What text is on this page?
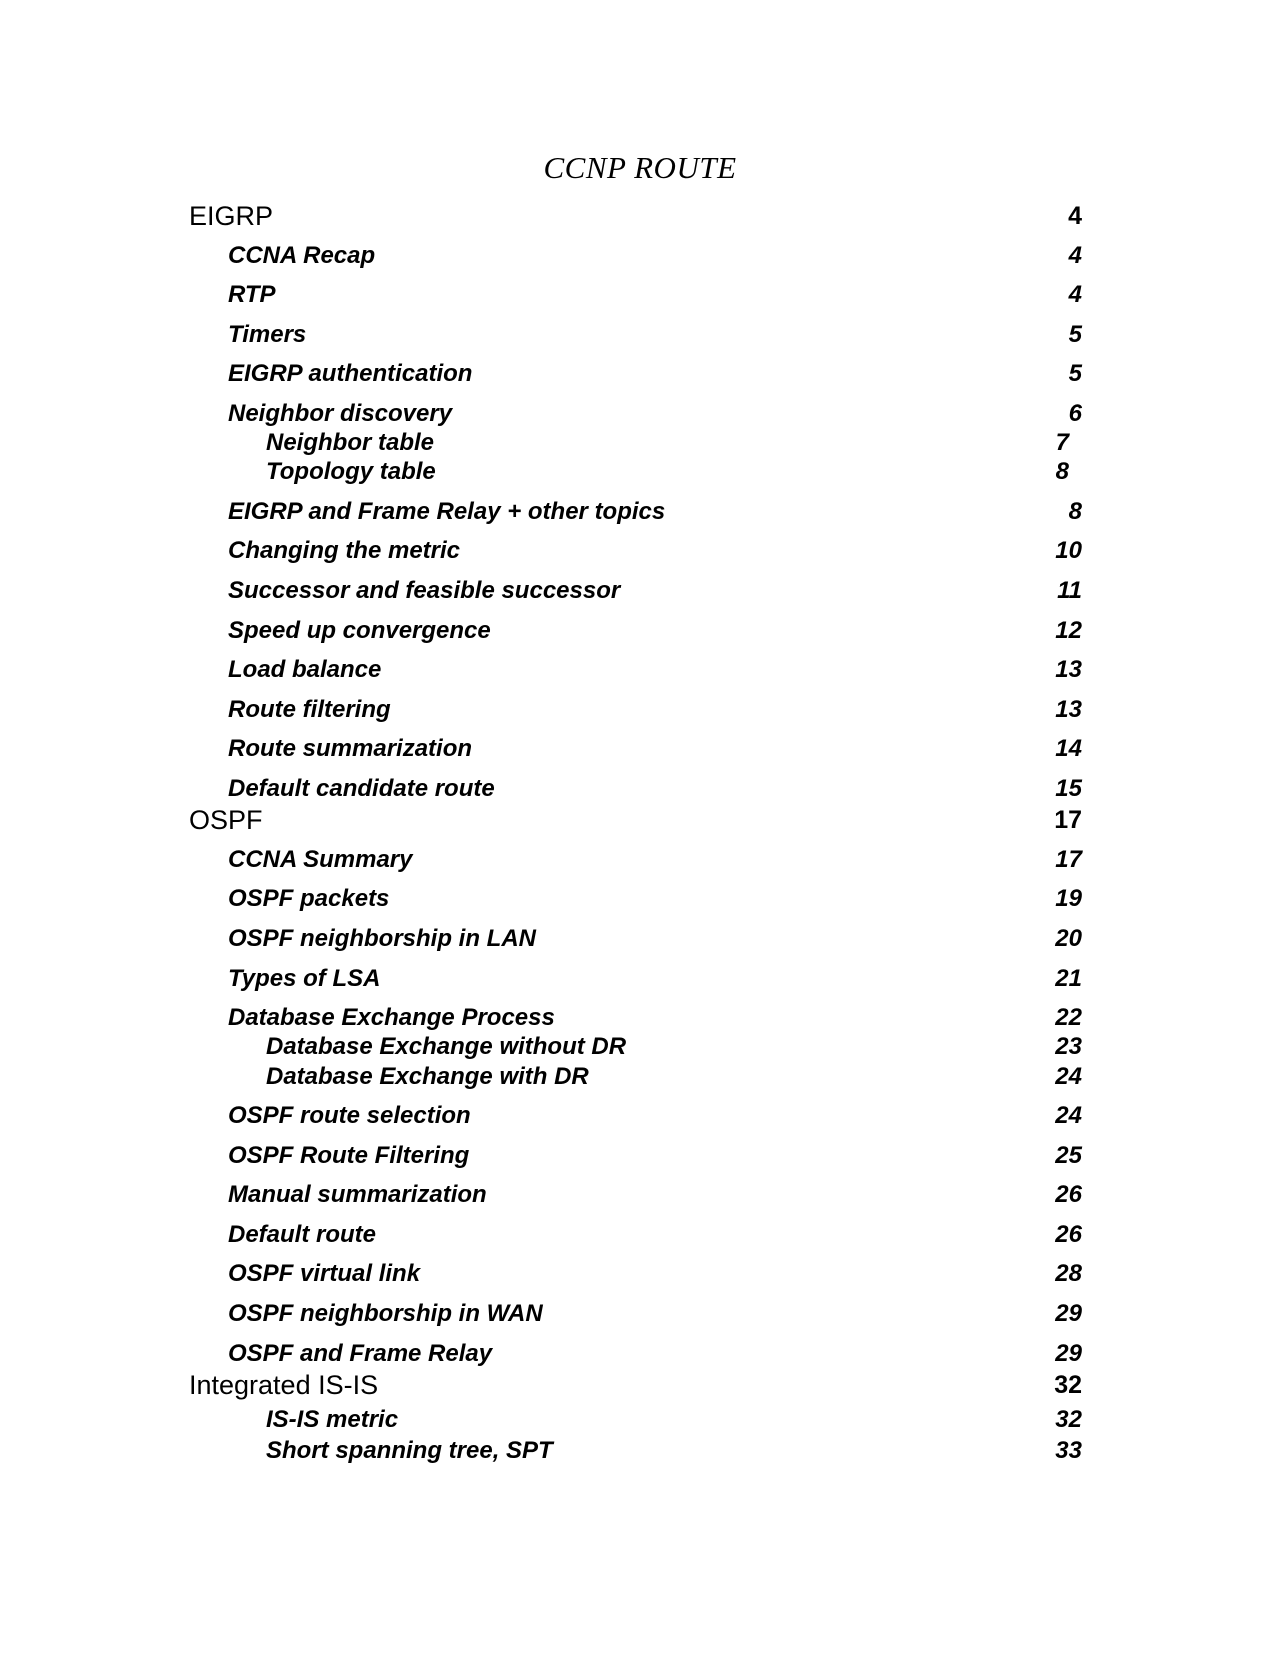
CCNP ROUTE
EIGRP	4
CCNA Recap	4
RTP	4
Timers	5
EIGRP authentication	5
Neighbor discovery	6
Neighbor table	7
Topology table	8
EIGRP and Frame Relay + other topics	8
Changing the metric	10
Successor and feasible successor	11
Speed up convergence	12
Load balance	13
Route filtering	13
Route summarization	14
Default candidate route	15
OSPF	17
CCNA Summary	17
OSPF packets	19
OSPF neighborship in LAN	20
Types of LSA	21
Database Exchange Process	22
Database Exchange without DR	23
Database Exchange with DR	24
OSPF route selection	24
OSPF Route Filtering	25
Manual summarization	26
Default route	26
OSPF virtual link	28
OSPF neighborship in WAN	29
OSPF and Frame Relay	29
Integrated IS-IS	32
IS-IS metric	32
Short spanning tree, SPT	33
